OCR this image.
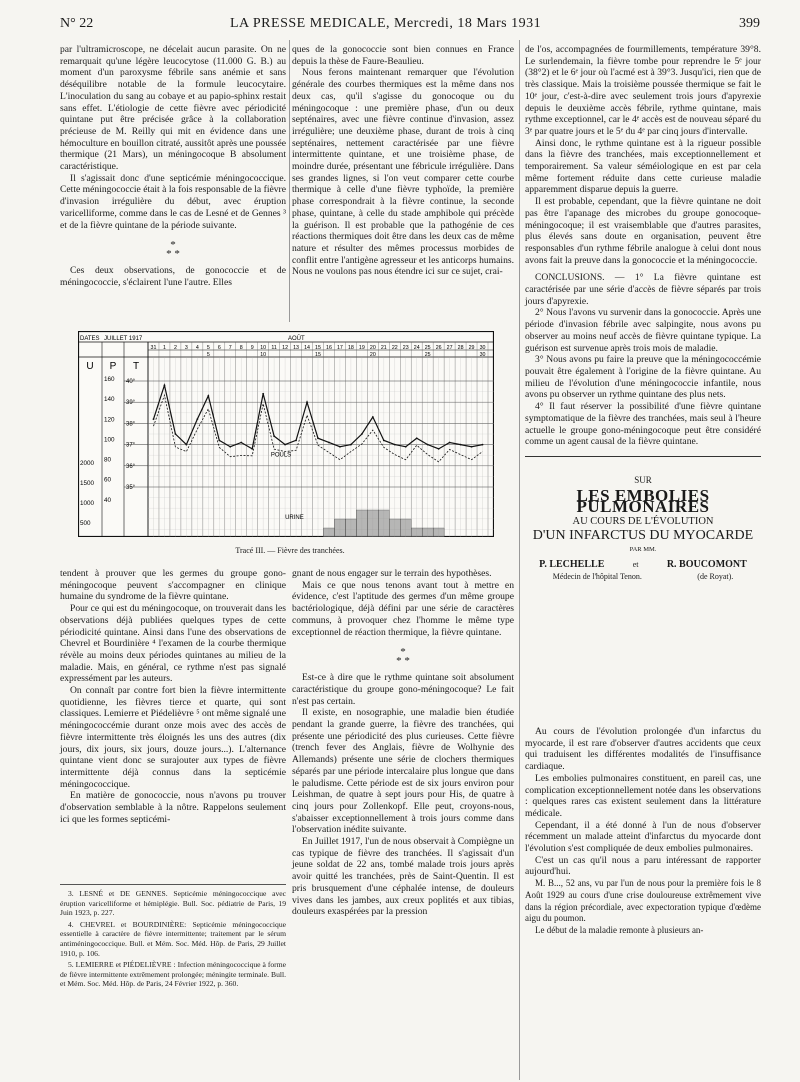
N° 22	LA PRESSE MEDICALE, Mercredi, 18 Mars 1931	399

par l'ultramicroscope, ne décelait aucun parasite. On ne remarquait qu'une légère leucocytose (11.000 G. B.) au moment d'un paroxysme fébrile sans anémie et sans déséquilibre notable de la formule leucocytaire. L'inoculation du sang au cobaye et au papio-sphinx restait sans effet. L'étiologie de cette fièvre avec périodicité quintane put être précisée grâce à la collaboration précieuse de M. Reilly qui mit en évidence dans une hémoculture en bouillon citraté, aussitôt après une poussée thermique (21 Mars), un méningocoque B absolument caractéristique.

Il s'agissait donc d'une septicémie méningococcique. Cette méningococcie était à la fois responsable de la fièvre d'invasion irrégulière du début, avec éruption varicelliforme, comme dans le cas de Lesné et de Gennes ³ et de la fièvre quintane de la période suivante.

*
* *

Ces deux observations, de gonococcie et de méningococcie, s'éclairent l'une l'autre. Elles

ques de la gonococcie sont bien connues en France depuis la thèse de Faure-Beaulieu.

Nous ferons maintenant remarquer que l'évolution générale des courbes thermiques est la même dans nos deux cas, qu'il s'agisse du gonocoque ou du méningocoque : une première phase, d'un ou deux septénaires, avec une fièvre continue d'invasion, assez irrégulière; une deuxième phase, durant de trois à cinq septénaires, nettement caractérisée par une fièvre intermittente quintane, et une troisième phase, de moindre durée, présentant une fébricule irrégulière. Dans ses grandes lignes, si l'on veut comparer cette courbe thermique à celle d'une fièvre typhoïde, la première phase correspondrait à la fièvre continue, la seconde phase, quintane, à celle du stade amphibole qui précède la guérison. Il est probable que la pathogénie de ces réactions thermiques doit être dans les deux cas de même nature et résulter des mêmes processus morbides de conflit entre l'antigène agresseur et les anticorps humains. Nous ne voulons pas nous étendre ici sur ce sujet, crai-

de l'os, accompagnées de fourmillements, température 39°8. Le surlendemain, la fièvre tombe pour reprendre le 5ᵉ jour (38°2) et le 6ᵉ jour où l'acmé est à 39°3. Jusqu'ici, rien que de très classique. Mais la troisième poussée thermique se fait le 10ᵉ jour, c'est-à-dire avec seulement trois jours d'apyrexie depuis le deuxième accès fébrile, rythme quintane, mais rythme exceptionnel, car le 4ᵉ accès est de nouveau séparé du 3ᵉ par quatre jours et le 5ᵉ du 4ᵉ par cinq jours d'intervalle.

Ainsi donc, le rythme quintane est à la rigueur possible dans la fièvre des tranchées, mais exceptionnellement et temporairement. Sa valeur séméiologique en est par cela même fortement réduite dans cette curieuse maladie apparemment disparue depuis la guerre.

Il est probable, cependant, que la fièvre quintane ne doit pas être l'apanage des microbes du groupe gonocoque-méningocoque; il est vraisemblable que d'autres parasites, plus élevés sans doute en organisation, peuvent être responsables d'un rythme fébrile analogue à celui dont nous avons fait la preuve dans la gonococcie et la méningococcie.

CONCLUSIONS. — 1° La fièvre quintane est caractérisée par une série d'accès de fièvre séparés par trois jours d'apyrexie.

2° Nous l'avons vu survenir dans la gonococcie. Après une période d'invasion fébrile avec salpingite, nous avons pu observer au moins neuf accès de fièvre quintane typique. La guérison est survenue après trois mois de maladie.

3° Nous avons pu faire la preuve que la méningococcémie pouvait être également à l'origine de la fièvre quintane. Au milieu de l'évolution d'une méningococcie infantile, nous avons pu observer un rythme quintane des plus nets.

4° Il faut réserver la possibilité d'une fièvre quintane symptomatique de la fièvre des tranchées, mais seul à l'heure actuelle le groupe gono-méningocoque peut être considéré comme un agent causal de la fièvre quintane.

SUR
LES EMBOLIES PULMONAIRES
AU COURS DE L'ÉVOLUTION
D'UN INFARCTUS DU MYOCARDE
PAR MM.
P. LECHELLE	et	R. BOUCOMONT
Médecin de l'hôpital Tenon.	(de Royat).

Au cours de l'évolution prolongée d'un infarctus du myocarde, il est rare d'observer d'autres accidents que ceux qui traduisent les différentes modalités de l'insuffisance cardiaque.

Les embolies pulmonaires constituent, en pareil cas, une complication exceptionnellement notée dans les observations : quelques rares cas existent seulement dans la littérature médicale.

Cependant, il a été donné à l'un de nous d'observer récemment un malade atteint d'infarctus du myocarde dont l'évolution s'est compliquée de deux embolies pulmonaires.

C'est un cas qu'il nous a paru intéressant de rapporter aujourd'hui.

M. B..., 52 ans, vu par l'un de nous pour la première fois le 8 Août 1929 au cours d'une crise douloureuse extrêmement vive dans la région précordiale, avec expectoration typique d'œdème aigu du poumon.

Le début de la maladie remonte à plusieurs an-

DATES JUILLET 1917	AOÛT
31 1 2 3 4 5 6 7 8 9 10 11 12 13 14 15 16 17 18 19 20 21 22 23 24 25 26 27 28 29 30
5	10	15	20	25	30
U P T
40°
39°
38°
37°
36°
35°
160
140
120
100
80
60
40
2000
1500
1000
500
POULS
URINE
Tracé III. — Fièvre des tranchées.

tendent à prouver que les germes du groupe gono-méningocoque peuvent s'accompagner en clinique humaine du syndrome de la fièvre quintane.

Pour ce qui est du méningocoque, on trouverait dans les observations déjà publiées quelques types de cette périodicité quintane. Ainsi dans l'une des observations de Chevrel et Bourdinière ⁴ l'examen de la courbe thermique révèle au moins deux périodes quintanes au milieu de la maladie. Mais, en général, ce rythme n'est pas signalé expressément par les auteurs.

On connaît par contre fort bien la fièvre intermittente quotidienne, les fièvres tierce et quarte, qui sont classiques. Lemierre et Piédelièvre ⁵ ont même signalé une méningococcémie durant onze mois avec des accès de fièvre intermittente très éloignés les uns des autres (dix jours, dix jours, six jours, douze jours...). L'alternance quintane vient donc se surajouter aux types de fièvre intermittente déjà connus dans la septicémie méningococcique.

En matière de gonococcie, nous n'avons pu trouver d'observation semblable à la nôtre. Rappelons seulement ici que les formes septicémi-

gnant de nous engager sur le terrain des hypothèses.

Mais ce que nous tenons avant tout à mettre en évidence, c'est l'aptitude des germes d'un même groupe bactériologique, déjà défini par une série de caractères communs, à provoquer chez l'homme le même type exceptionnel de réaction thermique, la fièvre quintane.

*
* *

Est-ce à dire que le rythme quintane soit absolument caractéristique du groupe gono-méningocoque? Le fait n'est pas certain.

Il existe, en nosographie, une maladie bien étudiée pendant la grande guerre, la fièvre des tranchées, qui présente une périodicité des plus curieuses. Cette fièvre (trench fever des Anglais, fièvre de Wolhynie des Allemands) présente une série de clochers thermiques séparés par une période intercalaire plus longue que dans le paludisme. Cette période est de six jours environ pour Leishman, de quatre à sept jours pour His, de quatre à cinq jours pour Zollenkopf. Elle peut, croyons-nous, s'abaisser exceptionnellement à trois jours comme dans l'observation inédite suivante.

En Juillet 1917, l'un de nous observait à Compiègne un cas typique de fièvre des tranchées. Il s'agissait d'un jeune soldat de 22 ans, tombé malade trois jours après avoir quitté les tranchées, près de Saint-Quentin. Il est pris brusquement d'une céphalée intense, de douleurs vives dans les jambes, aux creux poplités et aux tibias, douleurs exaspérées par la pression

3. LESNÉ et DE GENNES. Septicémie méningococcique avec éruption varicelliforme et hémiplégie. Bull. Soc. pédiatrie de Paris, 19 Juin 1923, p. 227.

4. CHEVREL et BOURDINIÈRE: Septicémie méningococcique essentielle à caractère de fièvre intermittente; traitement par le sérum antiméningococcique. Bull. et Mém. Soc. Méd. Hôp. de Paris, 29 Juillet 1910, p. 106.

5. LEMIERRE et PIÉDELIÈVRE : Infection méningococcique à forme de fièvre intermittente extrêmement prolongée; méningite terminale. Bull. et Mém. Soc. Méd. Hôp. de Paris, 24 Février 1922, p. 360.
